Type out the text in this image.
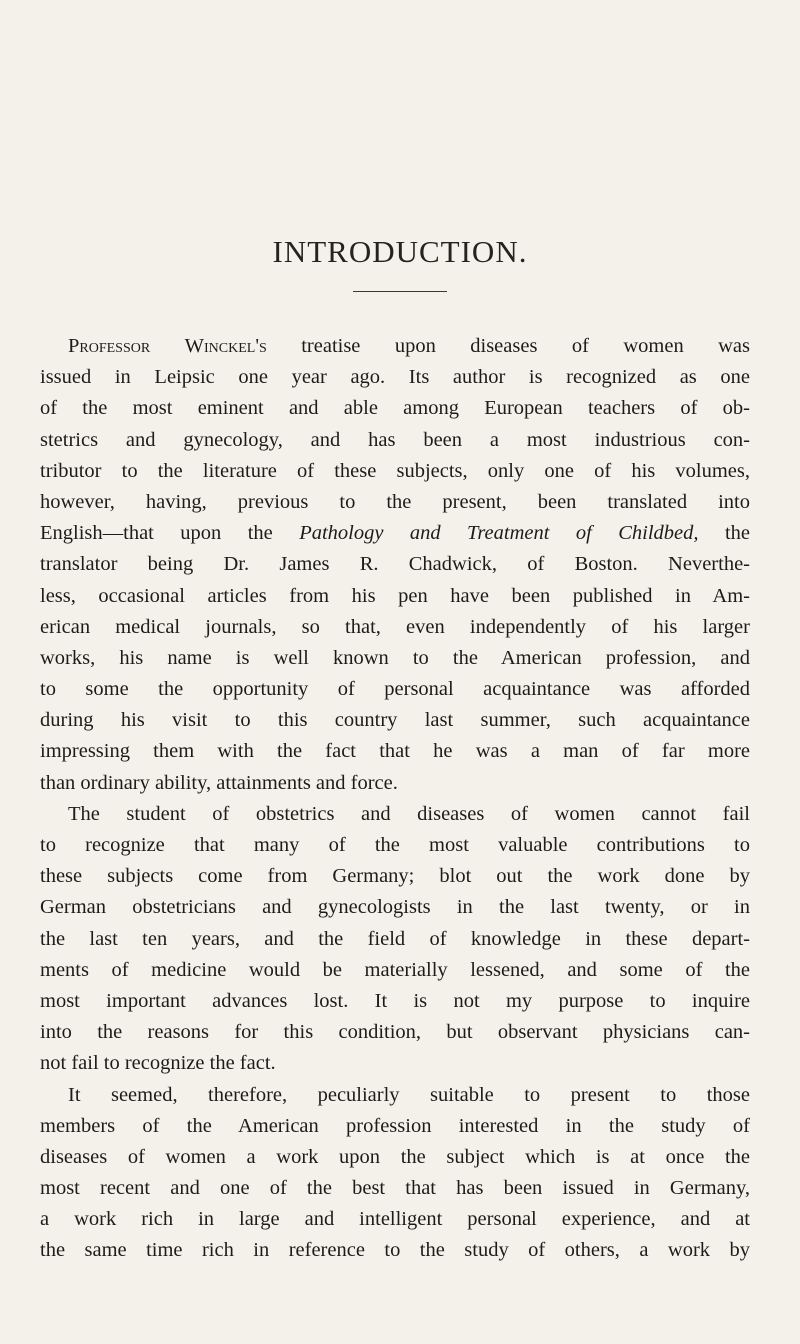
INTRODUCTION.
Professor Winckel's treatise upon diseases of women was
issued in Leipsic one year ago. Its author is recognized as one
of the most eminent and able among European teachers of ob-
stetrics and gynecology, and has been a most industrious con-
tributor to the literature of these subjects, only one of his volumes,
however, having, previous to the present, been translated into
English—that upon the Pathology and Treatment of Childbed, the
translator being Dr. James R. Chadwick, of Boston. Neverthe-
less, occasional articles from his pen have been published in Am-
erican medical journals, so that, even independently of his larger
works, his name is well known to the American profession, and
to some the opportunity of personal acquaintance was afforded
during his visit to this country last summer, such acquaintance
impressing them with the fact that he was a man of far more
than ordinary ability, attainments and force.
The student of obstetrics and diseases of women cannot fail
to recognize that many of the most valuable contributions to
these subjects come from Germany; blot out the work done by
German obstetricians and gynecologists in the last twenty, or in
the last ten years, and the field of knowledge in these depart-
ments of medicine would be materially lessened, and some of the
most important advances lost. It is not my purpose to inquire
into the reasons for this condition, but observant physicians can-
not fail to recognize the fact.
It seemed, therefore, peculiarly suitable to present to those
members of the American profession interested in the study of
diseases of women a work upon the subject which is at once the
most recent and one of the best that has been issued in Germany,
a work rich in large and intelligent personal experience, and at
the same time rich in reference to the study of others, a work by
